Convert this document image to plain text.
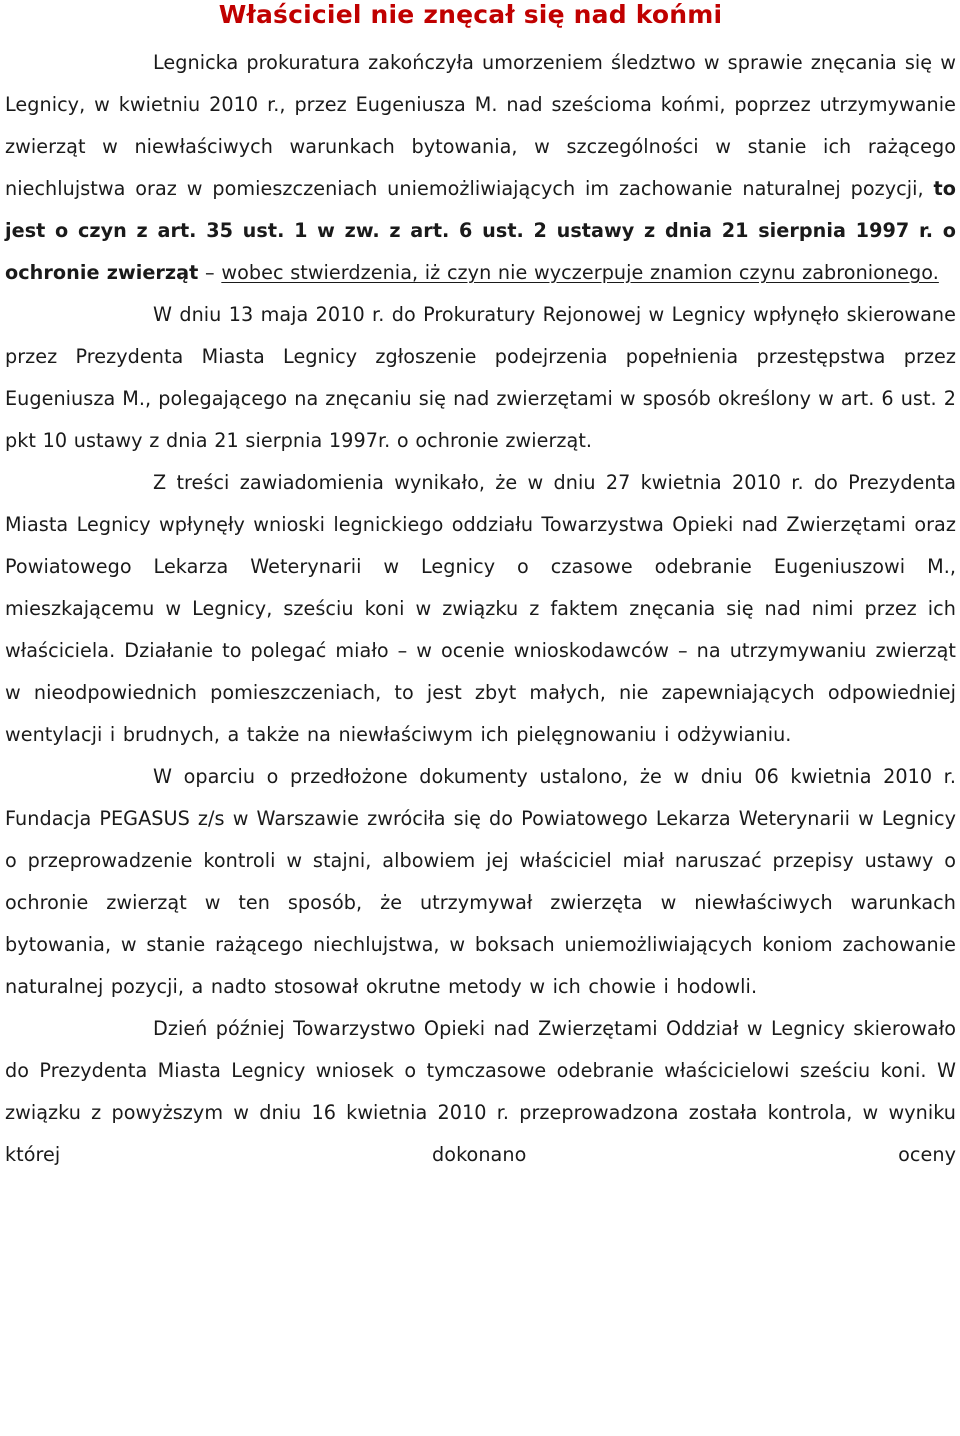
Właściciel nie znęcał się nad końmi

Legnicka prokuratura zakończyła umorzeniem śledztwo w sprawie znęcania się w Legnicy, w kwietniu 2010 r., przez Eugeniusza M. nad sześcioma końmi, poprzez utrzymywanie zwierząt w niewłaściwych warunkach bytowania, w szczególności w stanie ich rażącego niechlujstwa oraz w pomieszczeniach uniemożliwiających im zachowanie naturalnej pozycji, to jest o czyn z art. 35 ust. 1 w zw. z art. 6 ust. 2 ustawy z dnia 21 sierpnia 1997 r. o ochronie zwierząt – wobec stwierdzenia, iż czyn nie wyczerpuje znamion czynu zabronionego.

W dniu 13 maja 2010 r. do Prokuratury Rejonowej w Legnicy wpłynęło skierowane przez Prezydenta Miasta Legnicy zgłoszenie podejrzenia popełnienia przestępstwa przez Eugeniusza M., polegającego na znęcaniu się nad zwierzętami w sposób określony w art. 6 ust. 2 pkt 10 ustawy z dnia 21 sierpnia 1997r. o ochronie zwierząt.

Z treści zawiadomienia wynikało, że w dniu 27 kwietnia 2010 r. do Prezydenta Miasta Legnicy wpłynęły wnioski legnickiego oddziału Towarzystwa Opieki nad Zwierzętami oraz Powiatowego Lekarza Weterynarii w Legnicy o czasowe odebranie Eugeniuszowi M., mieszkającemu w Legnicy, sześciu koni w związku z faktem znęcania się nad nimi przez ich właściciela. Działanie to polegać miało – w ocenie wnioskodawców – na utrzymywaniu zwierząt w nieodpowiednich pomieszczeniach, to jest zbyt małych, nie zapewniających odpowiedniej wentylacji i brudnych, a także na niewłaściwym ich pielęgnowaniu i odżywianiu.

W oparciu o przedłożone dokumenty ustalono, że w dniu 06 kwietnia 2010 r. Fundacja PEGASUS z/s w Warszawie zwróciła się do Powiatowego Lekarza Weterynarii w Legnicy o przeprowadzenie kontroli w stajni, albowiem jej właściciel miał naruszać przepisy ustawy o ochronie zwierząt w ten sposób, że utrzymywał zwierzęta w niewłaściwych warunkach bytowania, w stanie rażącego niechlujstwa, w boksach uniemożliwiających koniom zachowanie naturalnej pozycji, a nadto stosował okrutne metody w ich chowie i hodowli.

Dzień później Towarzystwo Opieki nad Zwierzętami Oddział w Legnicy skierowało do Prezydenta Miasta Legnicy wniosek o tymczasowe odebranie właścicielowi sześciu koni. W związku z powyższym w dniu 16 kwietnia 2010 r. przeprowadzona została kontrola, w wyniku której dokonano oceny
